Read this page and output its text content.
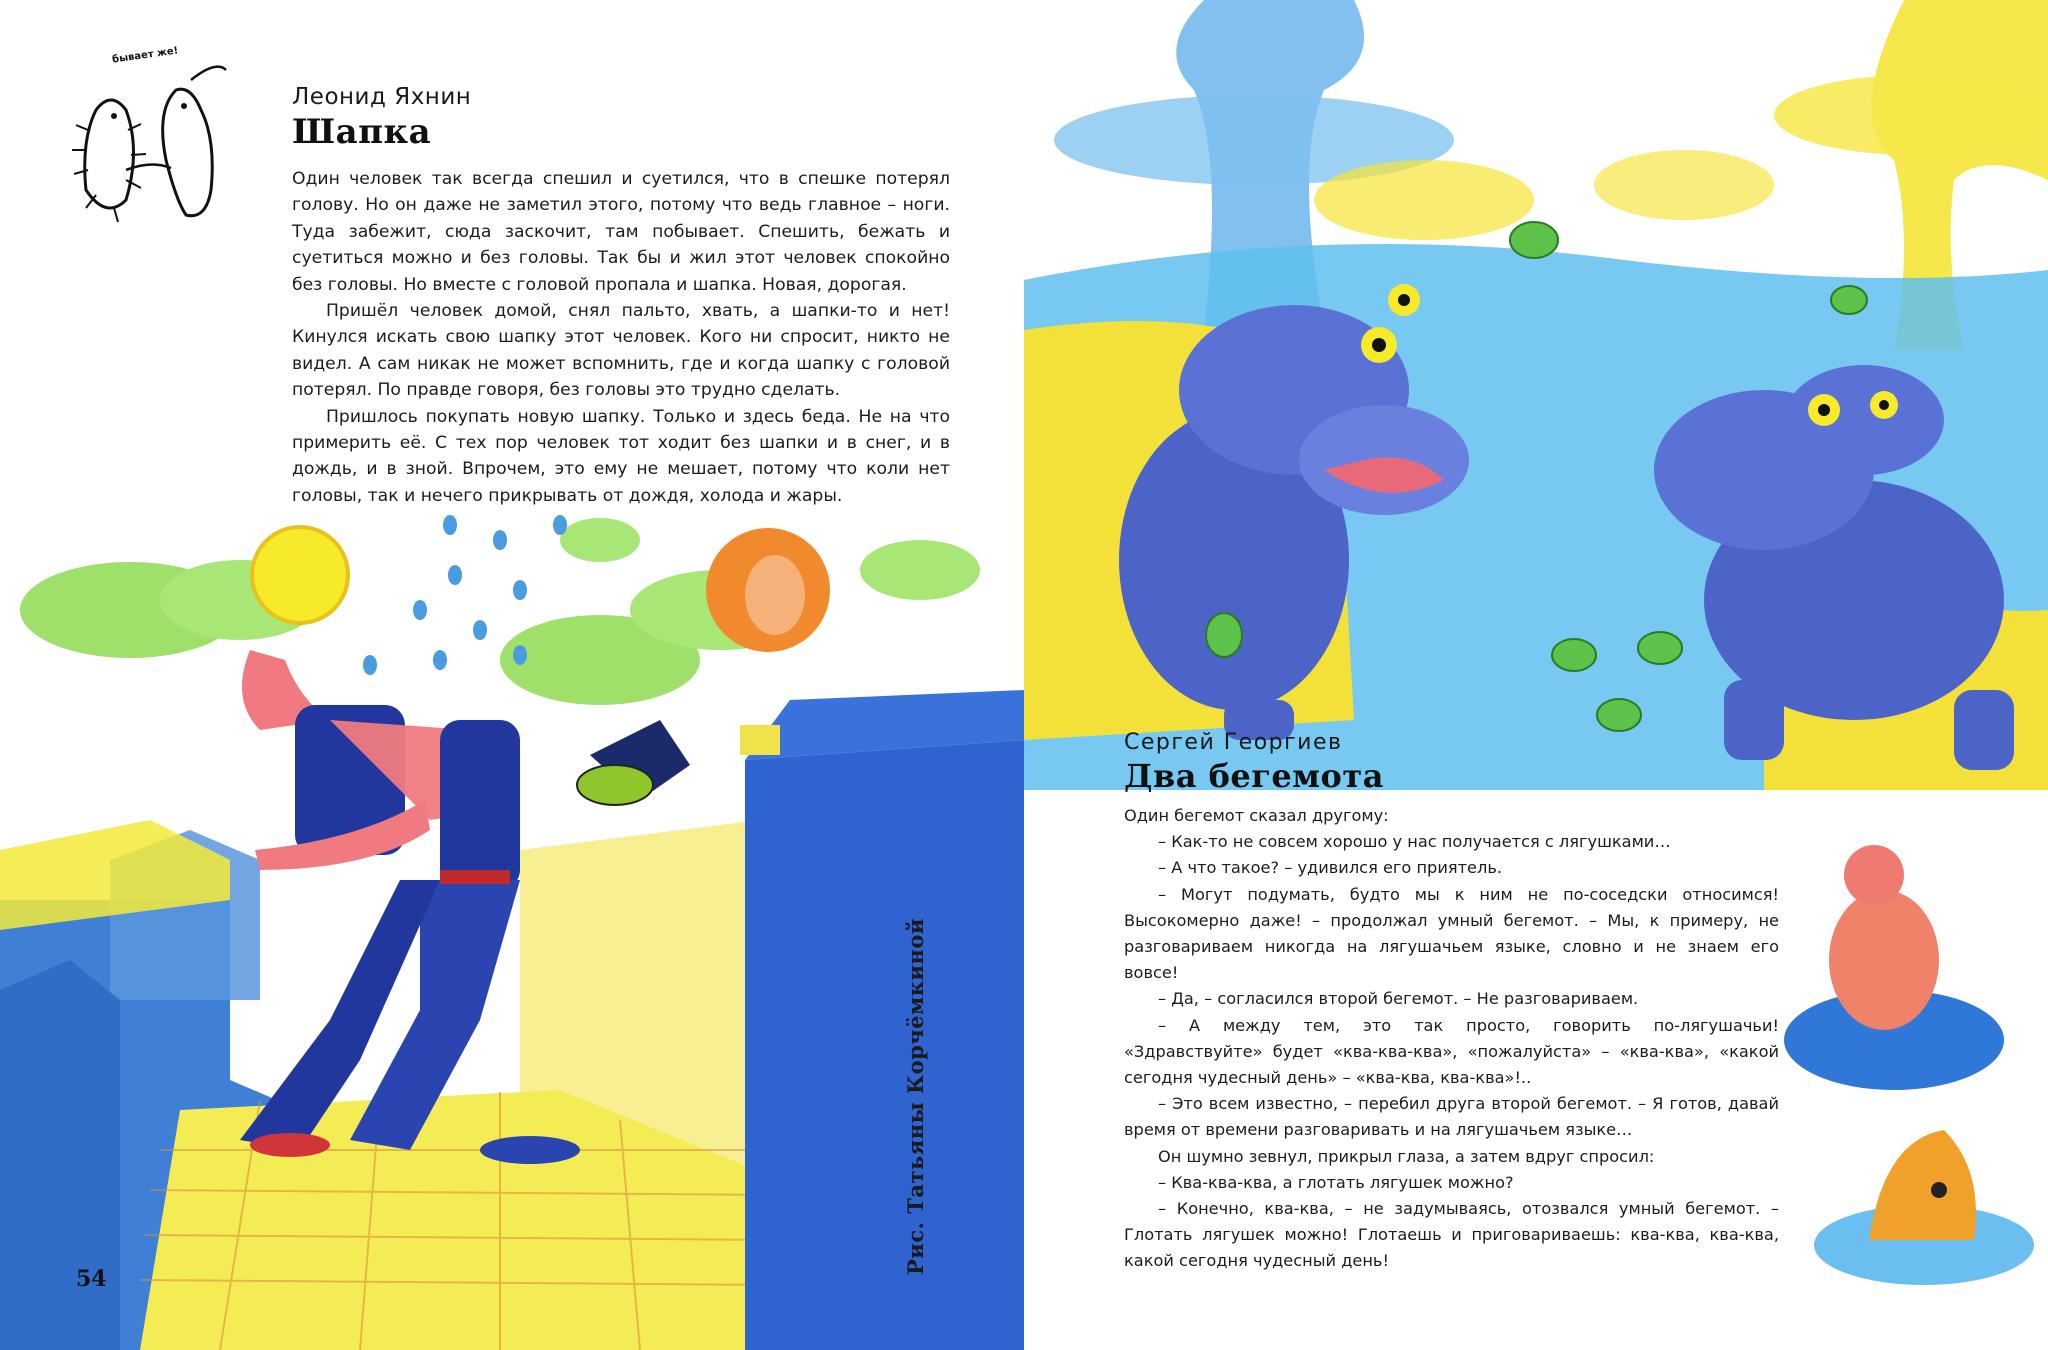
бывает же!
Леонид Яхнин
Шапка

Один человек так всегда спешил и суетился, что в спешке потерял голову. Но он даже не заметил этого, потому что ведь главное – ноги. Туда забежит, сюда заскочит, там побывает. Спешить, бежать и суетиться можно и без головы. Так бы и жил этот человек спокойно без головы. Но вместе с головой пропала и шапка. Новая, дорогая.

Пришёл человек домой, снял пальто, хвать, а шапки-то и нет! Кинулся искать свою шапку этот человек. Кого ни спросит, никто не видел. А сам никак не может вспомнить, где и когда шапку с головой потерял. По правде говоря, без головы это трудно сделать.

Пришлось покупать новую шапку. Только и здесь беда. Не на что примерить её. С тех пор человек тот ходит без шапки и в снег, и в дождь, и в зной. Впрочем, это ему не мешает, потому что коли нет головы, так и нечего прикрывать от дождя, холода и жары.

54
Рис. Татьяны Корчёмкиной
Сергей Георгиев
Два бегемота

Один бегемот сказал другому:

– Как-то не совсем хорошо у нас получается с лягушками…

– А что такое? – удивился его приятель.

– Могут подумать, будто мы к ним не по-соседски относимся! Высокомерно даже! – продолжал умный бегемот. – Мы, к примеру, не разговариваем никогда на лягушачьем языке, словно и не знаем его вовсе!

– Да, – согласился второй бегемот. – Не разговариваем.

– А между тем, это так просто, говорить по-лягушачьи! «Здравствуйте» будет «ква-ква-ква», «пожалуйста» – «ква-ква», «какой сегодня чудесный день» – «ква-ква, ква-ква»!..

– Это всем известно, – перебил друга второй бегемот. – Я готов, давай время от времени разговаривать и на лягушачьем языке…

Он шумно зевнул, прикрыл глаза, а затем вдруг спросил:

– Ква-ква-ква, а глотать лягушек можно?

– Конечно, ква-ква, – не задумываясь, отозвался умный бегемот. – Глотать лягушек можно! Глотаешь и приговариваешь: ква-ква, ква-ква, какой сегодня чудесный день!
